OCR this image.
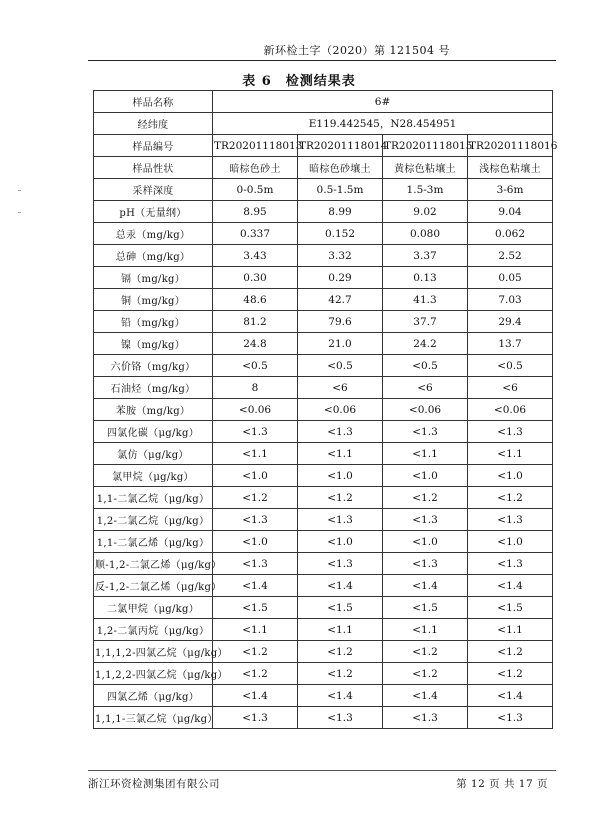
新环检土字（2020）第 121504 号
表 6　检测结果表
样品名称	6#			
经纬度	E119.442545，N28.454951			
样品编号	TR20201118013	TR20201118014	TR20201118015	TR20201118016
样品性状	暗棕色砂土	暗棕色砂壤土	黄棕色粘壤土	浅棕色粘壤土
采样深度	0-0.5m	0.5-1.5m	1.5-3m	3-6m
pH（无量纲）	8.95	8.99	9.02	9.04
总汞（mg/kg）	0.337	0.152	0.080	0.062
总砷（mg/kg）	3.43	3.32	3.37	2.52
镉（mg/kg）	0.30	0.29	0.13	0.05
铜（mg/kg）	48.6	42.7	41.3	7.03
铅（mg/kg）	81.2	79.6	37.7	29.4
镍（mg/kg）	24.8	21.0	24.2	13.7
六价铬（mg/kg）	<0.5	<0.5	<0.5	<0.5
石油烃（mg/kg）	8	<6	<6	<6
苯胺（mg/kg）	<0.06	<0.06	<0.06	<0.06
四氯化碳（μg/kg）	<1.3	<1.3	<1.3	<1.3
氯仿（μg/kg）	<1.1	<1.1	<1.1	<1.1
氯甲烷（μg/kg）	<1.0	<1.0	<1.0	<1.0
1,1-二氯乙烷（μg/kg）	<1.2	<1.2	<1.2	<1.2
1,2-二氯乙烷（μg/kg）	<1.3	<1.3	<1.3	<1.3
1,1-二氯乙烯（μg/kg）	<1.0	<1.0	<1.0	<1.0
顺-1,2-二氯乙烯（μg/kg）	<1.3	<1.3	<1.3	<1.3
反-1,2-二氯乙烯（μg/kg）	<1.4	<1.4	<1.4	<1.4
二氯甲烷（μg/kg）	<1.5	<1.5	<1.5	<1.5
1,2-二氯丙烷（μg/kg）	<1.1	<1.1	<1.1	<1.1
1,1,1,2-四氯乙烷（μg/kg）	<1.2	<1.2	<1.2	<1.2
1,1,2,2-四氯乙烷（μg/kg）	<1.2	<1.2	<1.2	<1.2
四氯乙烯（μg/kg）	<1.4	<1.4	<1.4	<1.4
1,1,1-三氯乙烷（μg/kg）	<1.3	<1.3	<1.3	<1.3
浙江环资检测集团有限公司	第 12 页 共 17 页
